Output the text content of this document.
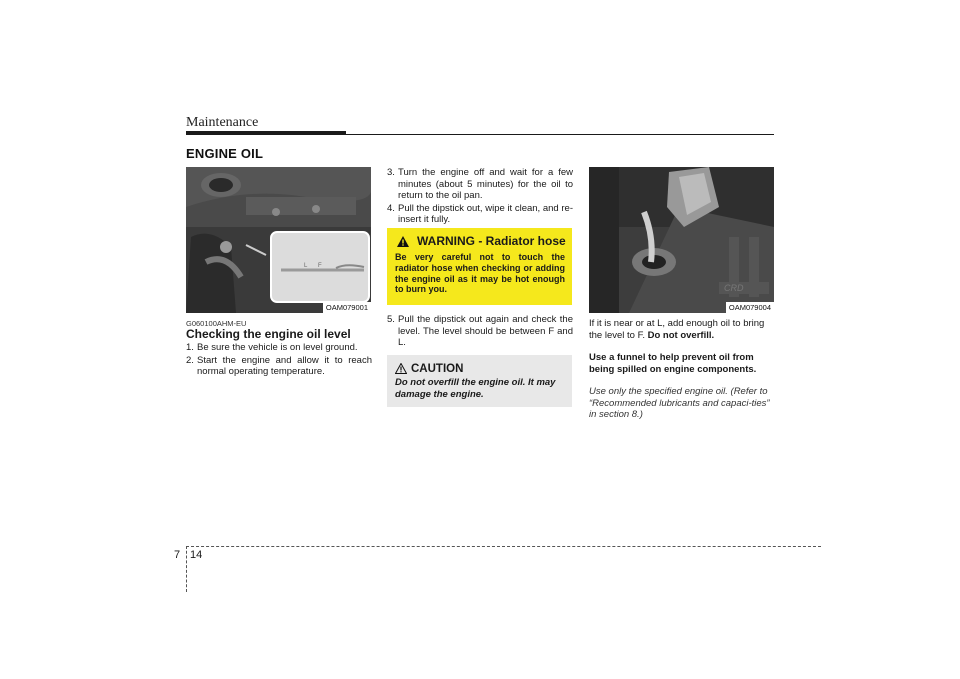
Maintenance
ENGINE OIL
L F
OAM079001
CRD
OAM079004
G060100AHM-EU
Checking the engine oil level
1. Be sure the vehicle is on level ground.
2. Start the engine and allow it to reach normal operating temperature.
3. Turn the engine off and wait for a few minutes (about 5 minutes) for the oil to return to the oil pan.
4. Pull the dipstick out, wipe it clean, and re-insert it fully.
WARNING - Radiator hose
Be very careful not to touch the radiator hose when checking or adding the engine oil as it may be hot enough to burn you.
5. Pull the dipstick out again and check the level. The level should be between F and L.
CAUTION
Do not overfill the engine oil. It may damage the engine.
If it is near or at L, add enough oil to bring the level to F. Do not overfill.
Use a funnel to help prevent oil from being spilled on engine components.
Use only the specified engine oil. (Refer to “Recommended lubricants and capaci-ties” in section 8.)
7 14
